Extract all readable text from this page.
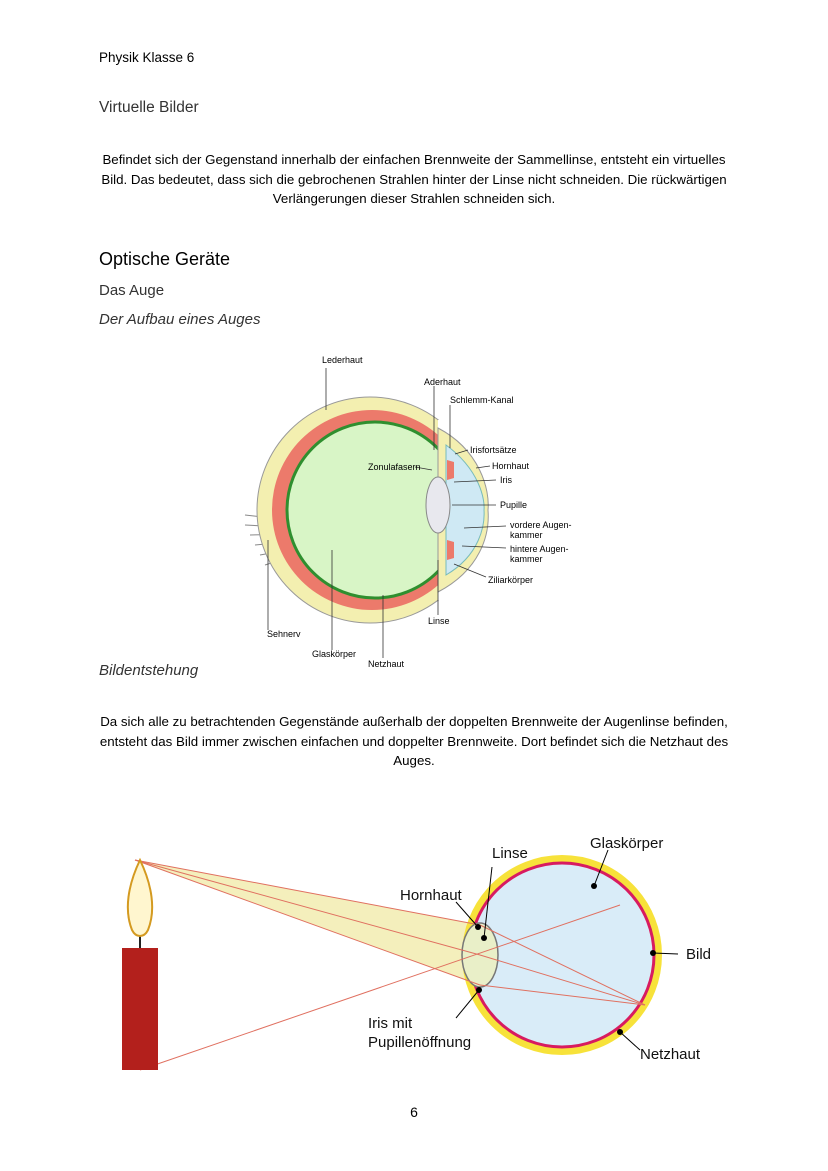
Physik Klasse 6
Virtuelle Bilder
Befindet sich der Gegenstand innerhalb der einfachen Brennweite der Sammellinse, entsteht ein virtuelles Bild. Das bedeutet, dass sich die gebrochenen Strahlen hinter der Linse nicht schneiden. Die rückwärtigen Verlängerungen dieser Strahlen schneiden sich.
Optische Geräte
Das Auge
Der Aufbau eines Auges
Lederhaut
Aderhaut
Schlemm-Kanal
Irisfortsätze
Zonulafasern	Hornhaut
Iris
Pupille
vordere Augen-
kammer
hintere Augen-
kammer
Ziliarkörper
Linse
Sehnerv
Glaskörper
Netzhaut
Bildentstehung
Da sich alle zu betrachtenden Gegenstände außerhalb der doppelten Brennweite der Augenlinse befinden, entsteht das Bild immer zwischen einfachen und doppelter Brennweite. Dort befindet sich die Netzhaut des Auges.
Linse
Glaskörper
Hornhaut
Bild
Iris mit
Pupillenöffnung
Netzhaut
6
